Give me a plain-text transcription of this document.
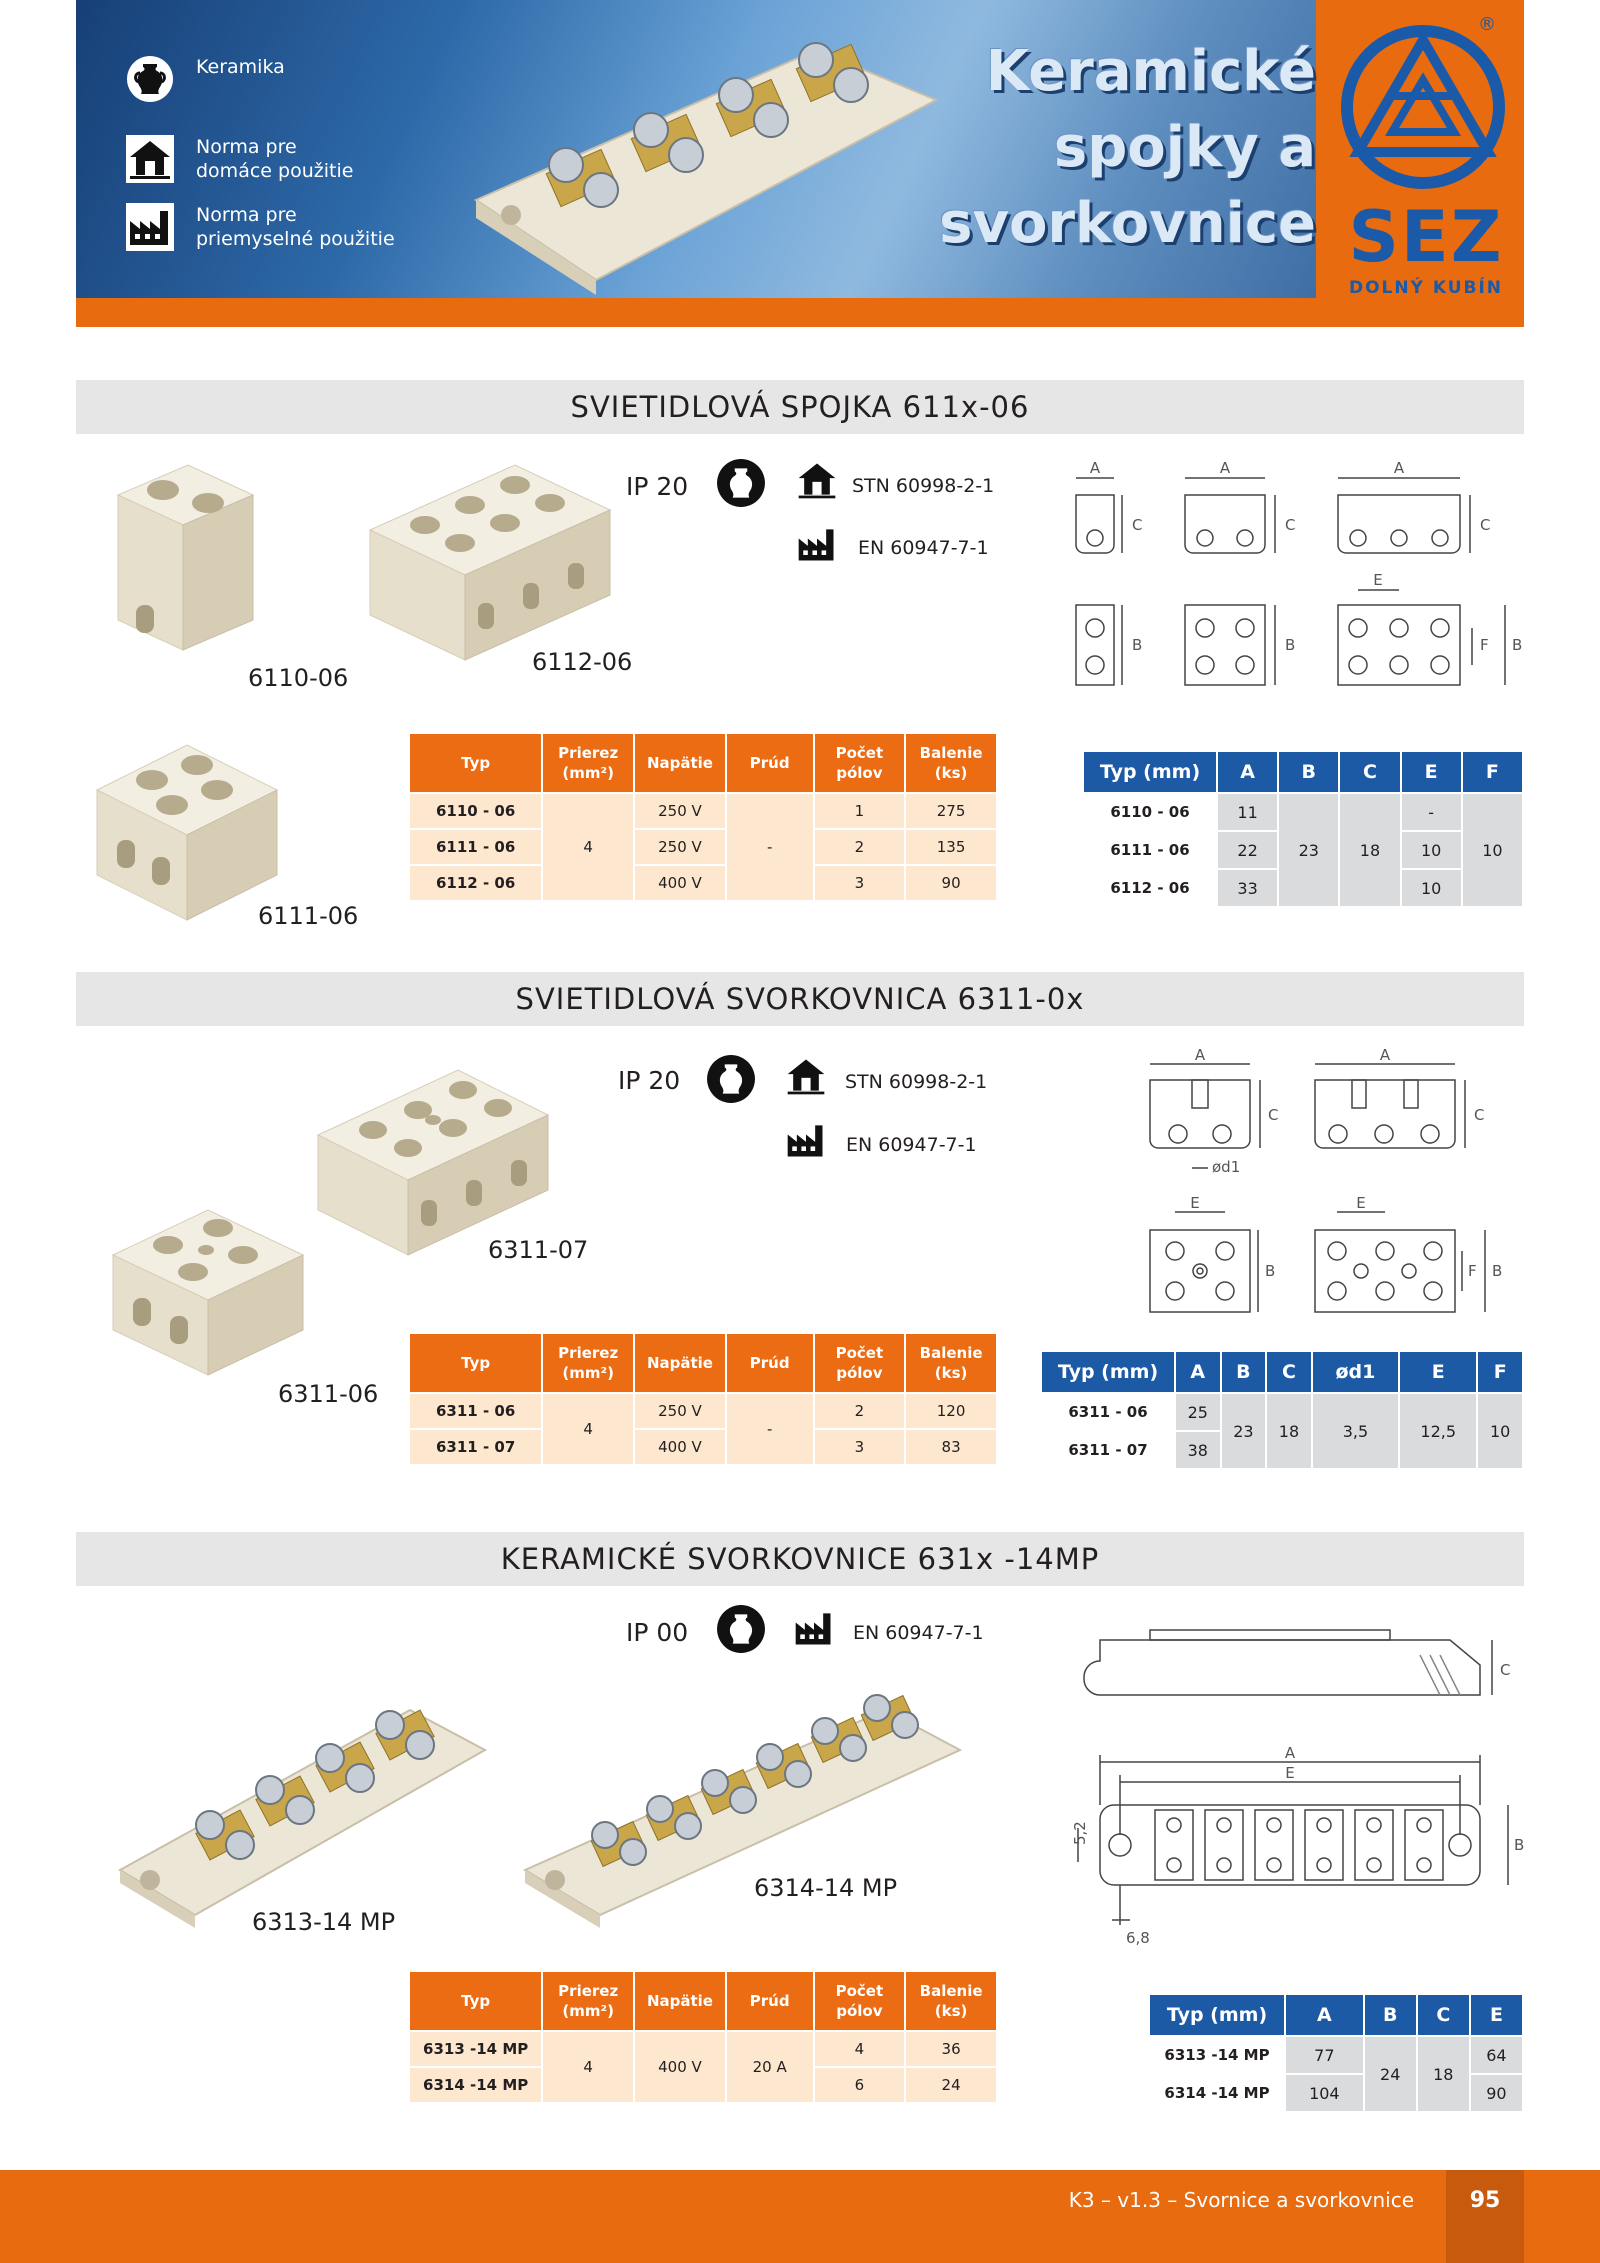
Keramika
Norma pre
domáce použitie
Norma pre
priemyselné použitie
Keramické
spojky a
svorkovnice
®
SEZ
DOLNÝ KUBÍN
SVIETIDLOVÁ SPOJKA 611x-06
6110-06
6112-06
6111-06
IP 20	STN 60998-2-1
EN 60947-7-1
A	A	A
C	C	C
E
B	B	F B
Typ	Prierez (mm²)	Napätie	Prúd	Počet pólov	Balenie (ks)
6110 - 06	4	250 V	-	1	275
6111 - 06		250 V		2	135
6112 - 06		400 V		3	90
Typ (mm)	A	B	C	E	F
6110 - 06	11	23	18	-	10
6111 - 06	22			10	
6112 - 06	33			10	
SVIETIDLOVÁ SVORKOVNICA 6311-0x
6311-07
6311-06
IP 20	STN 60998-2-1
EN 60947-7-1
A	A
C	C
ød1
E	E
B	F B
Typ	Prierez (mm²)	Napätie	Prúd	Počet pólov	Balenie (ks)
6311 - 06	4	250 V	-	2	120
6311 - 07		400 V		3	83
Typ (mm)	A	B	C	ød1	E	F
6311 - 06	25	23	18	3,5	12,5	10
6311 - 07	38					
KERAMICKÉ SVORKOVNICE 631x -14MP
IP 00	EN 60947-7-1
6313-14 MP
6314-14 MP
C
A
E
5,2	B
6,8
Typ	Prierez (mm²)	Napätie	Prúd	Počet pólov	Balenie (ks)
6313 -14 MP	4	400 V	20 A	4	36
6314 -14 MP				6	24
Typ (mm)	A	B	C	E
6313 -14 MP	77	24	18	64
6314 -14 MP	104			90
K3 – v1.3 – Svornice a svorkovnice	95
